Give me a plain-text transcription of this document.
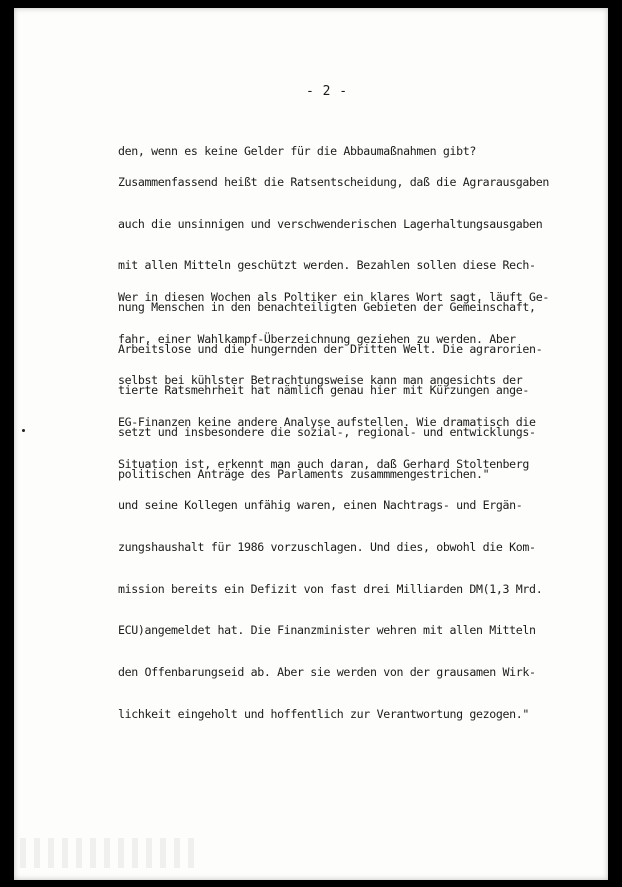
- 2 -

den, wenn es keine Gelder für die Abbaumaßnahmen gibt?

Zusammenfassend heißt die Ratsentscheidung, daß die Agrarausgaben

auch die unsinnigen und verschwenderischen Lagerhaltungsausgaben

mit allen Mitteln geschützt werden. Bezahlen sollen diese Rech-

nung Menschen in den benachteiligten Gebieten der Gemeinschaft,

Arbeitslose und die hungernden der Dritten Welt. Die agrarorien-

tierte Ratsmehrheit hat nämlich genau hier mit Kürzungen ange-

setzt und insbesondere die sozial-, regional- und entwicklungs-

politischen Anträge des Parlaments zusammmengestrichen."

Wer in diesen Wochen als Poltiker ein klares Wort sagt, läuft Ge-

fahr, einer Wahlkampf-Überzeichnung geziehen zu werden. Aber

selbst bei kühlster Betrachtungsweise kann man angesichts der

EG-Finanzen keine andere Analyse aufstellen. Wie dramatisch die

Situation ist, erkennt man auch daran, daß Gerhard Stoltenberg

und seine Kollegen unfähig waren, einen Nachtrags- und Ergän-

zungshaushalt für 1986 vorzuschlagen. Und dies, obwohl die Kom-

mission bereits ein Defizit von fast drei Milliarden DM(1,3 Mrd.

ECU)angemeldet hat. Die Finanzminister wehren mit allen Mitteln

den Offenbarungseid ab. Aber sie werden von der grausamen Wirk-

lichkeit eingeholt und hoffentlich zur Verantwortung gezogen."
